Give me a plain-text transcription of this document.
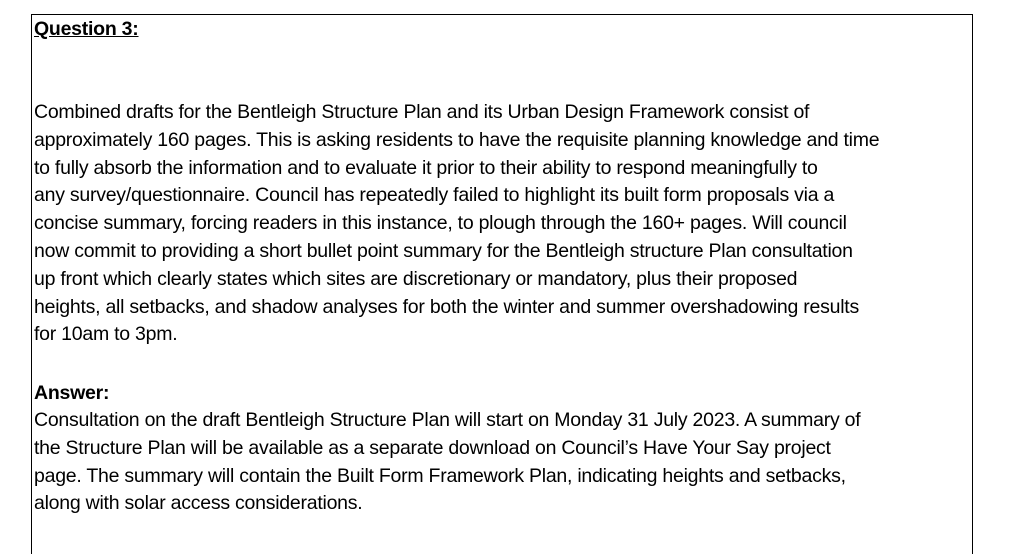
Question 3:

Combined drafts for the Bentleigh Structure Plan and its Urban Design Framework consist of
approximately 160 pages. This is asking residents to have the requisite planning knowledge and time
to fully absorb the information and to evaluate it prior to their ability to respond meaningfully to
any survey/questionnaire. Council has repeatedly failed to highlight its built form proposals via a
concise summary, forcing readers in this instance, to plough through the 160+ pages. Will council
now commit to providing a short bullet point summary for the Bentleigh structure Plan consultation
up front which clearly states which sites are discretionary or mandatory, plus their proposed
heights, all setbacks, and shadow analyses for both the winter and summer overshadowing results
for 10am to 3pm.

Answer:

Consultation on the draft Bentleigh Structure Plan will start on Monday 31 July 2023. A summary of
the Structure Plan will be available as a separate download on Council’s Have Your Say project
page. The summary will contain the Built Form Framework Plan, indicating heights and setbacks,
along with solar access considerations.
